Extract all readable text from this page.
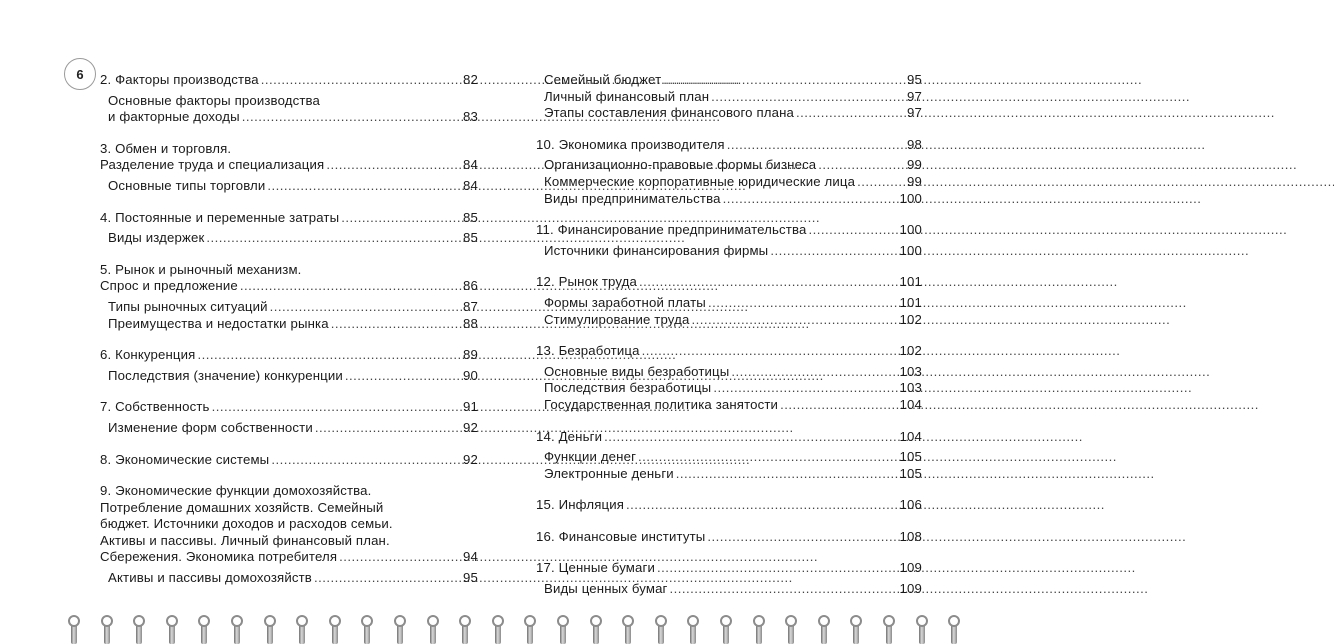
6	2. Факторы производства . . .	82
Основные факторы производства
и факторные доходы . . .	83
3. Обмен и торговля.
Разделение труда и специализация . . .	84
Основные типы торговли . . .	84
4. Постоянные и переменные затраты . . .	85
Виды издержек . . .	85
5. Рынок и рыночный механизм.
Спрос и предложение . . .	86
Типы рыночных ситуаций . . .	87
Преимущества и недостатки рынка . . .	88
6. Конкуренция . . .	89
Последствия (значение) конкуренции . . .	90
7. Собственность . . .	91
Изменение форм собственности . . .	92
8. Экономические системы . . .	92
9. Экономические функции домохозяйства.
Потребление домашних хозяйств. Семейный
бюджет. Источники доходов и расходов семьи.
Активы и пассивы. Личный финансовый план.
Сбережения. Экономика потребителя . . .	94
Активы и пассивы домохозяйств . . .	95
Семейный бюджет . . .	95
Личный финансовый план . . .	97
Этапы составления финансового плана . . .	97
10. Экономика производителя . . .	98
Организационно-правовые формы бизнеса . . .	99
Коммерческие корпоративные юридические лица . . .	99
Виды предпринимательства . . .	100
11. Финансирование предпринимательства . . .	100
Источники финансирования фирмы . . .	100
12. Рынок труда . . .	101
Формы заработной платы . . .	101
Стимулирование труда . . .	102
13. Безработица . . .	102
Основные виды безработицы . . .	103
Последствия безработицы . . .	103
Государственная политика занятости . . .	104
14. Деньги . . .	104
Функции денег . . .	105
Электронные деньги . . .	105
15. Инфляция . . .	106
16. Финансовые институты . . .	108
17. Ценные бумаги . . .	109
Виды ценных бумаг . . .	109
